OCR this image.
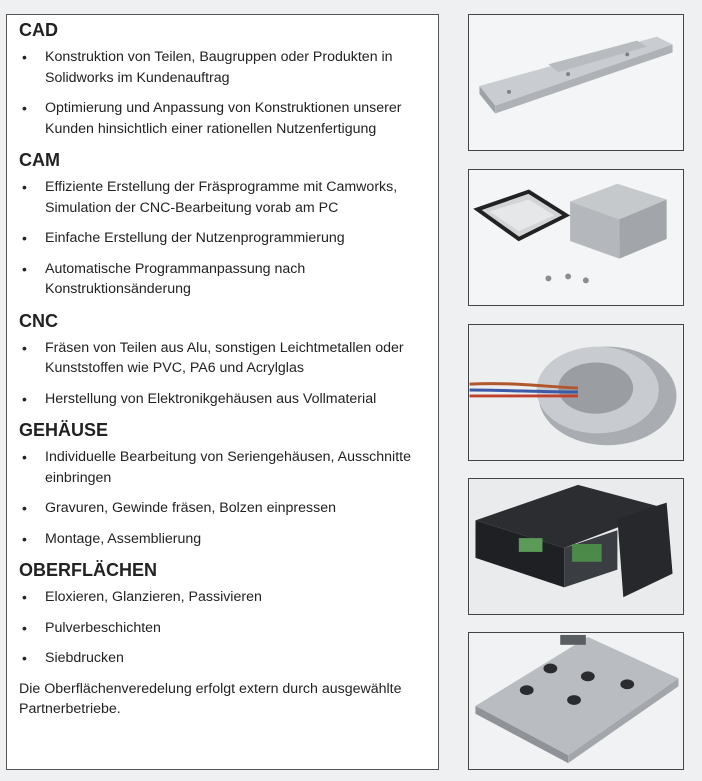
CAD
• Konstruktion von Teilen, Baugruppen oder Produkten in Solidworks im Kundenauftrag
• Optimierung und Anpassung von Konstruktionen unserer Kunden hinsichtlich einer rationellen Nutzenfertigung
CAM
• Effiziente Erstellung der Fräsprogramme mit Camworks, Simulation der CNC-Bearbeitung vorab am PC
• Einfache Erstellung der Nutzenprogrammierung
• Automatische Programmanpassung nach Konstruktionsänderung
CNC
• Fräsen von Teilen aus Alu, sonstigen Leichtmetallen oder Kunststoffen wie PVC, PA6 und Acrylglas
• Herstellung von Elektronikgehäusen aus Vollmaterial
GEHÄUSE
• Individuelle Bearbeitung von Seriengehäusen, Ausschnitte einbringen
• Gravuren, Gewinde fräsen, Bolzen einpressen
• Montage, Assemblierung
OBERFLÄCHEN
• Eloxieren, Glanzieren, Passivieren
• Pulverbeschichten
• Siebdrucken

Die Oberflächenveredelung erfolgt extern durch ausgewählte Partnerbetriebe.
